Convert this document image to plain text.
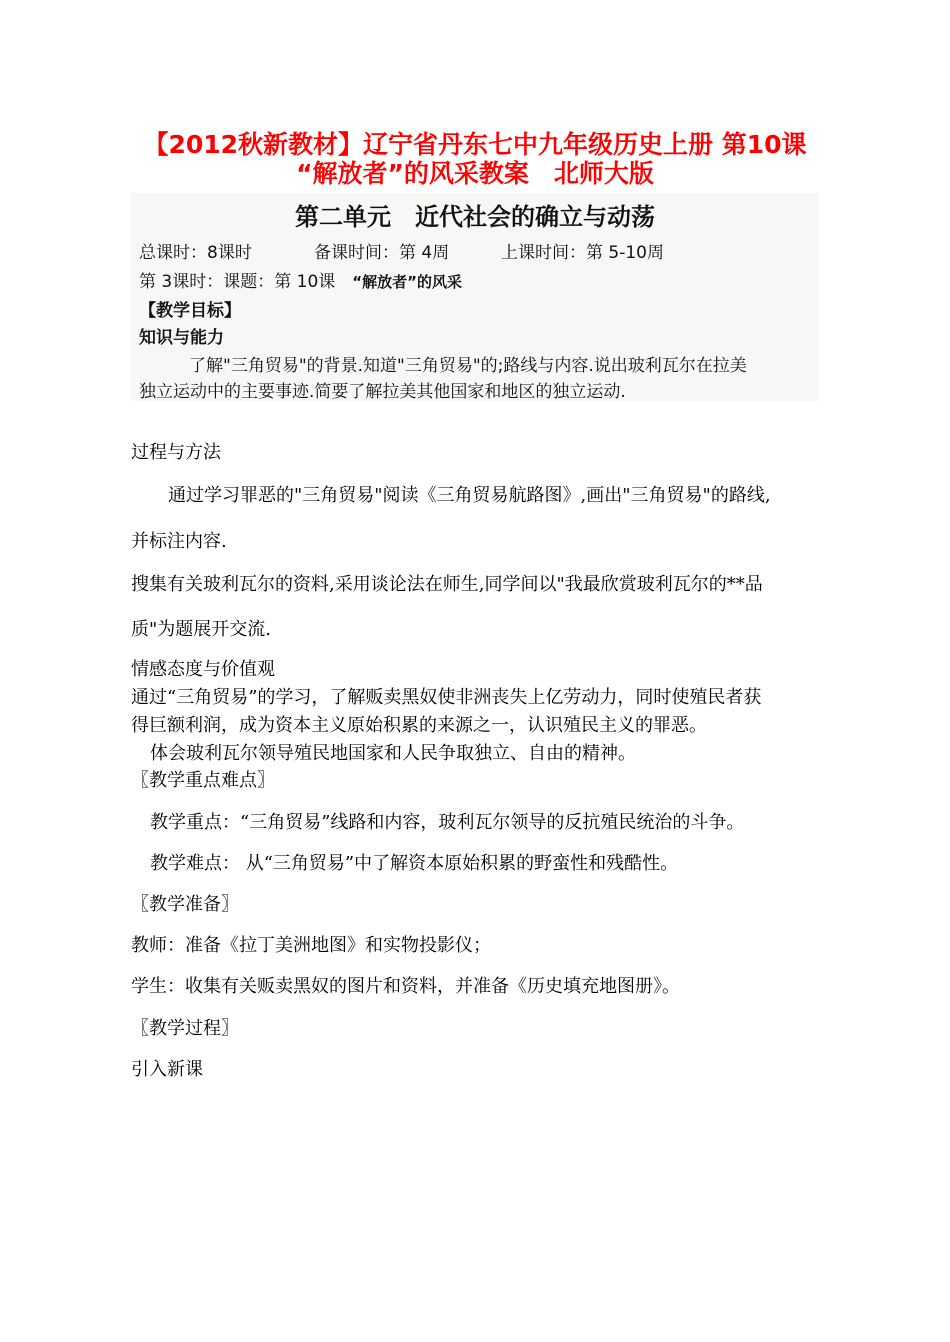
【2012秋新教材】辽宁省丹东七中九年级历史上册 第10课
“解放者”的风采教案　北师大版
第二单元　近代社会的确立与动荡
总课时：8课时	备课时间：第 4周	上课时间：第 5-10周
第 3课时：课题：第 10课　“解放者”的风采
【教学目标】
知识与能力
了解"三角贸易"的背景.知道"三角贸易"的;路线与内容.说出玻利瓦尔在拉美
独立运动中的主要事迹.简要了解拉美其他国家和地区的独立运动.
过程与方法
通过学习罪恶的"三角贸易"阅读《三角贸易航路图》,画出"三角贸易"的路线,
并标注内容.
搜集有关玻利瓦尔的资料,采用谈论法在师生,同学间以"我最欣赏玻利瓦尔的**品
质"为题展开交流.
情感态度与价值观
通过“三角贸易”的学习，了解贩卖黑奴使非洲丧失上亿劳动力，同时使殖民者获
得巨额利润，成为资本主义原始积累的来源之一，认识殖民主义的罪恶。
体会玻利瓦尔领导殖民地国家和人民争取独立、自由的精神。
〖教学重点难点〗
教学重点：“三角贸易”线路和内容，玻利瓦尔领导的反抗殖民统治的斗争。
教学难点： 从“三角贸易”中了解资本原始积累的野蛮性和残酷性。
〖教学准备〗
教师：准备《拉丁美洲地图》和实物投影仪；
学生：收集有关贩卖黑奴的图片和资料，并准备《历史填充地图册》。
〖教学过程〗
引入新课
